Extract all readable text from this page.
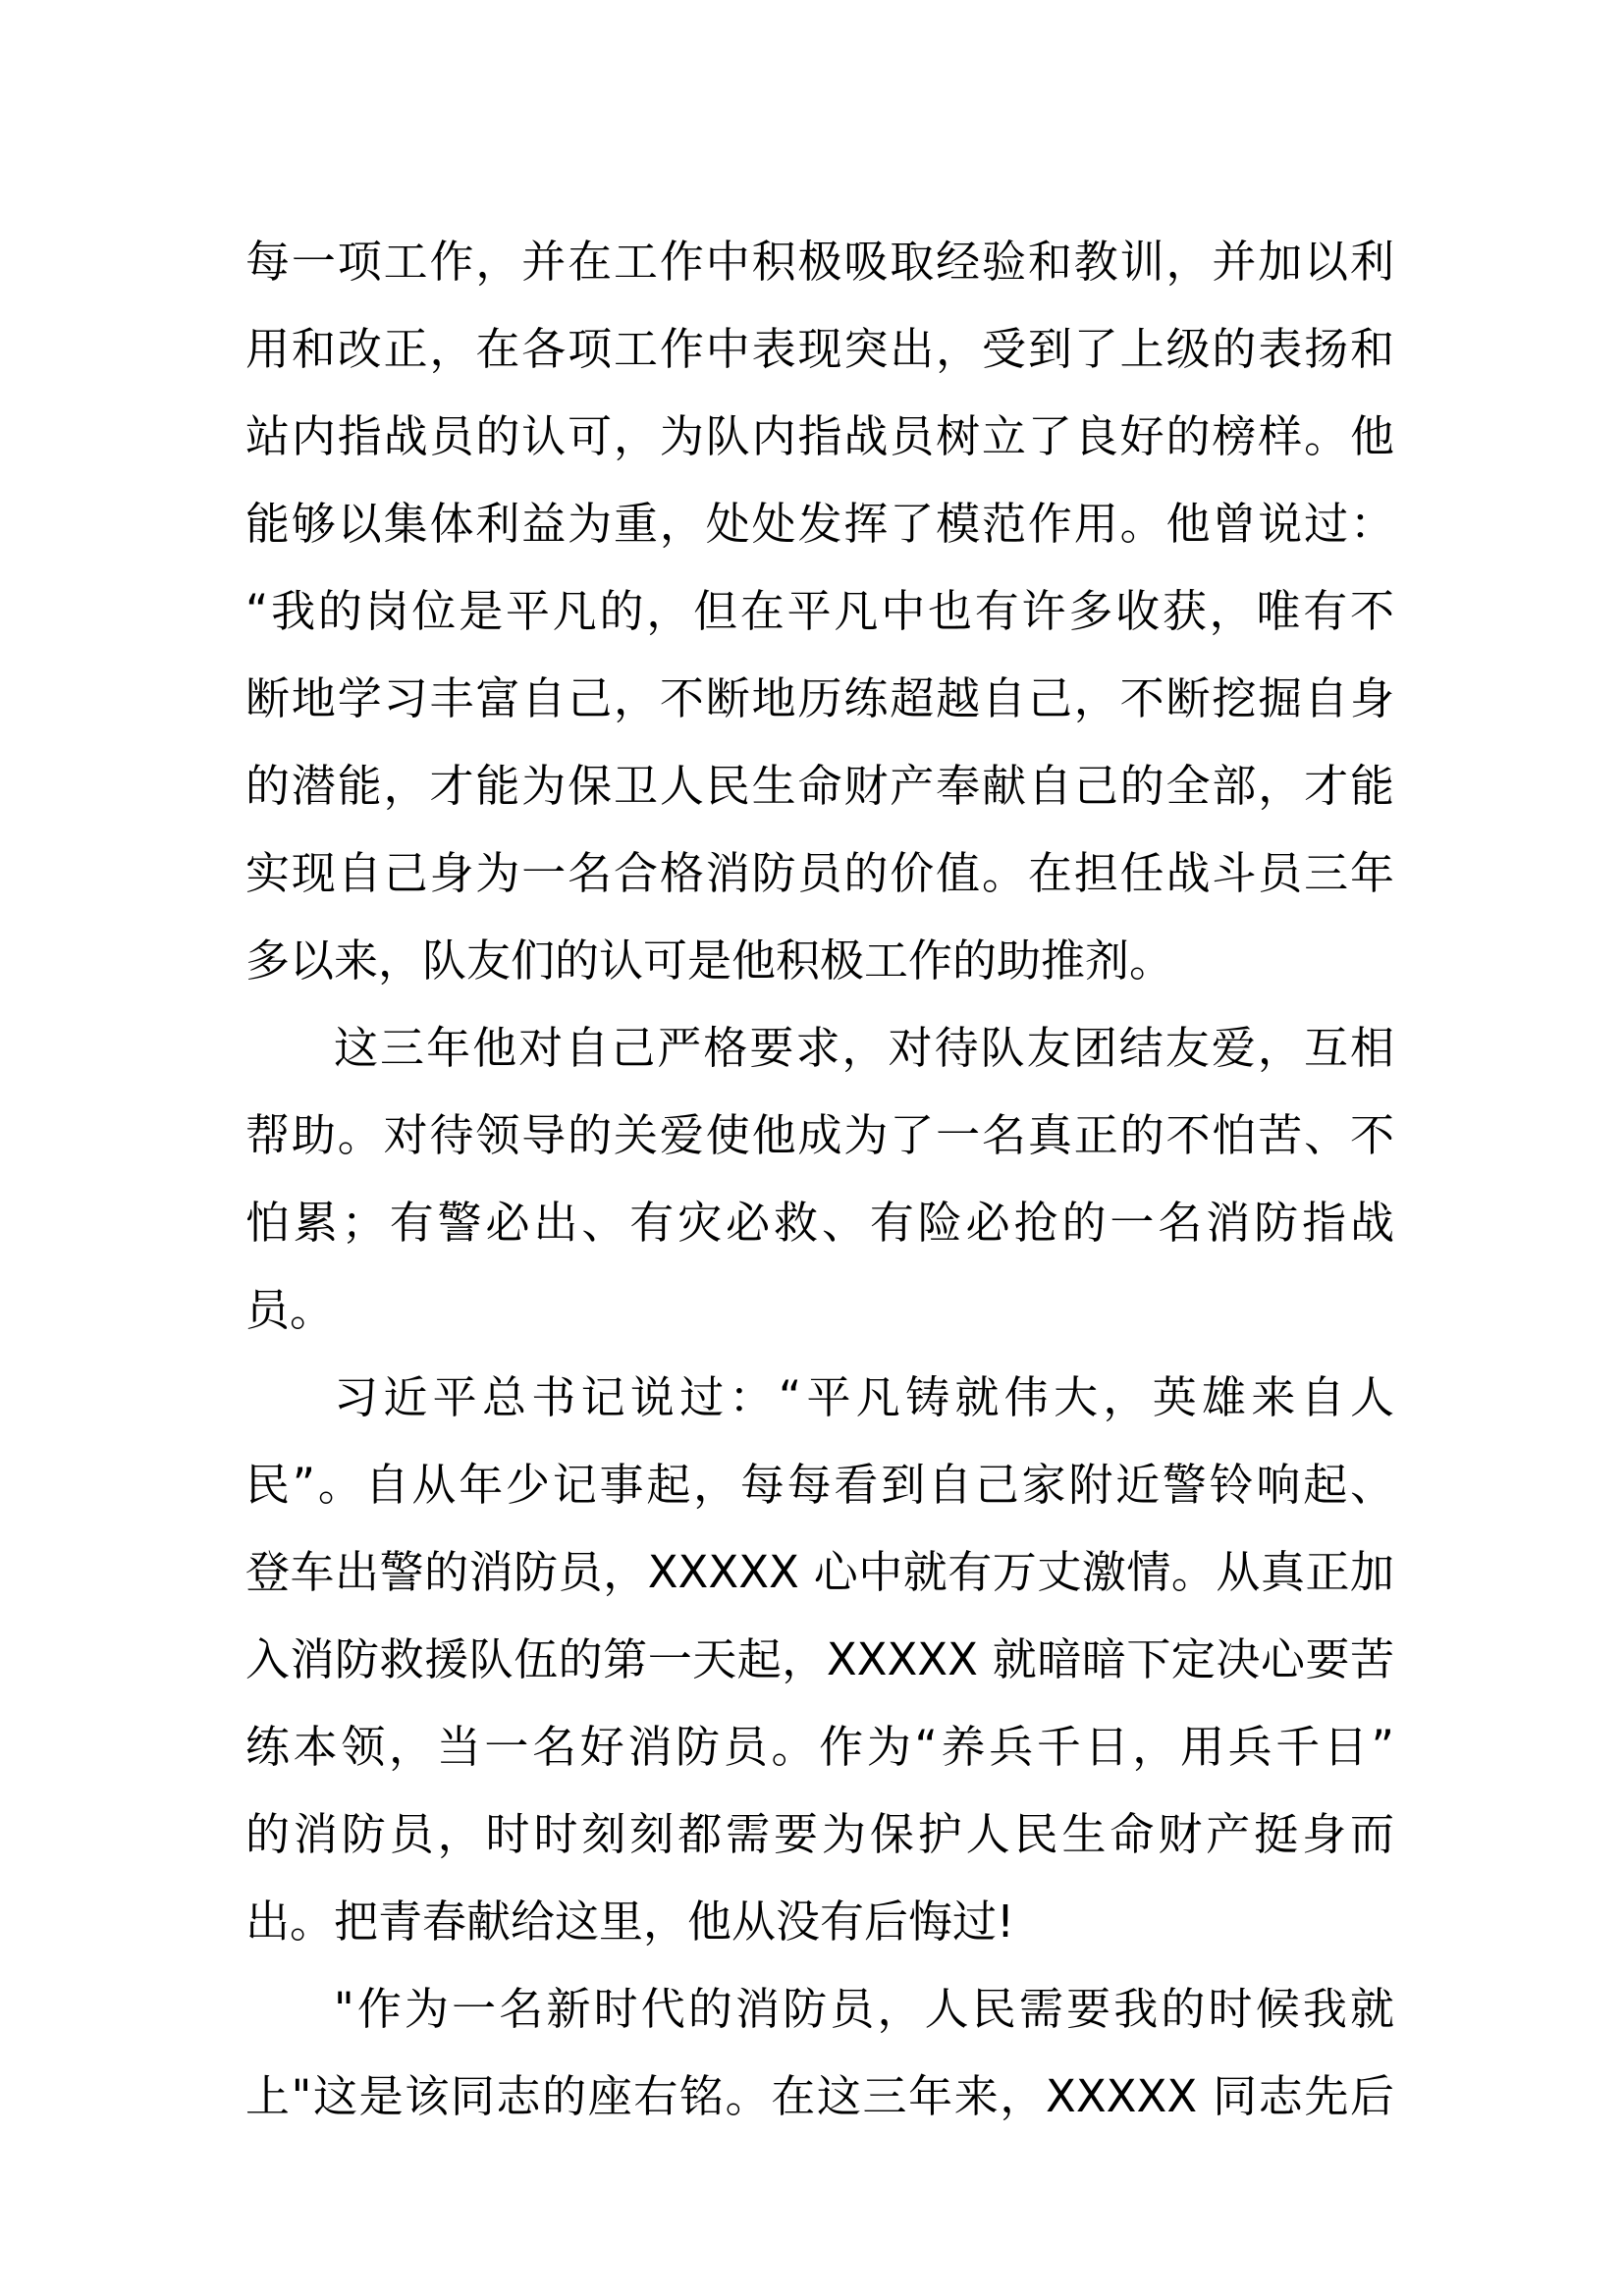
每一项工作，并在工作中积极吸取经验和教训，并加以利
用和改正，在各项工作中表现突出，受到了上级的表扬和
站内指战员的认可，为队内指战员树立了良好的榜样。他
能够以集体利益为重，处处发挥了模范作用。他曾说过：
“我的岗位是平凡的，但在平凡中也有许多收获，唯有不
断地学习丰富自己，不断地历练超越自己，不断挖掘自身
的潜能，才能为保卫人民生命财产奉献自己的全部，才能
实现自己身为一名合格消防员的价值。在担任战斗员三年
多以来，队友们的认可是他积极工作的助推剂。
这三年他对自己严格要求，对待队友团结友爱，互相
帮助。对待领导的关爱使他成为了一名真正的不怕苦、不
怕累；有警必出、有灾必救、有险必抢的一名消防指战
员。
习近平总书记说过：“平凡铸就伟大，英雄来自人
民”。自从年少记事起，每每看到自己家附近警铃响起、
登车出警的消防员，XXXXX 心中就有万丈激情。从真正加
入消防救援队伍的第一天起，XXXXX 就暗暗下定决心要苦
练本领，当一名好消防员。作为“养兵千日，用兵千日”
的消防员，时时刻刻都需要为保护人民生命财产挺身而
出。把青春献给这里，他从没有后悔过!
"作为一名新时代的消防员，人民需要我的时候我就
上"这是该同志的座右铭。在这三年来，XXXXX 同志先后
